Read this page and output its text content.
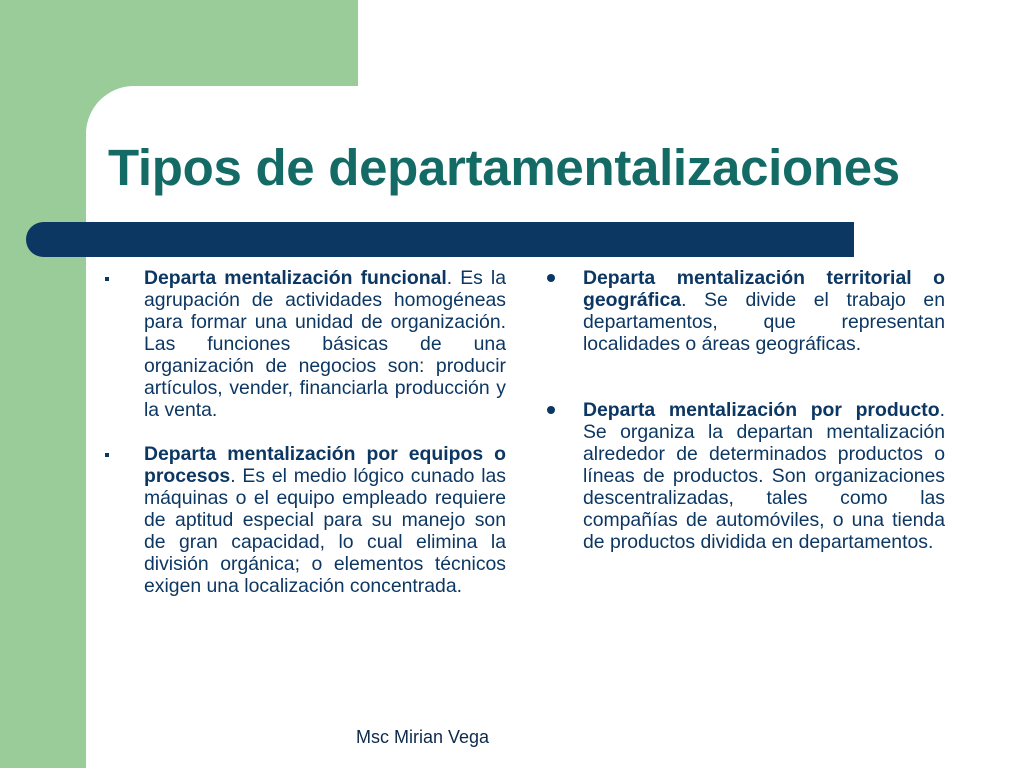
Tipos de departamentalizaciones
Departa mentalización funcional. Es la agrupación de actividades homogéneas para formar una unidad de organización. Las funciones básicas de una organización de negocios son: producir artículos, vender, financiarla producción y la venta.
Departa mentalización por equipos o procesos. Es el medio lógico cunado las máquinas o el equipo empleado requiere de aptitud especial para su manejo son de gran capacidad, lo cual elimina la división orgánica; o elementos técnicos exigen una localización concentrada.
Departa mentalización territorial o geográfica. Se divide el trabajo en departamentos, que representan localidades o áreas geográficas.
Departa mentalización por producto. Se organiza la departan mentalización alrededor de determinados productos o líneas de productos. Son organizaciones descentralizadas, tales como las compañías de automóviles, o una tienda de productos dividida en departamentos.
Msc Mirian Vega
